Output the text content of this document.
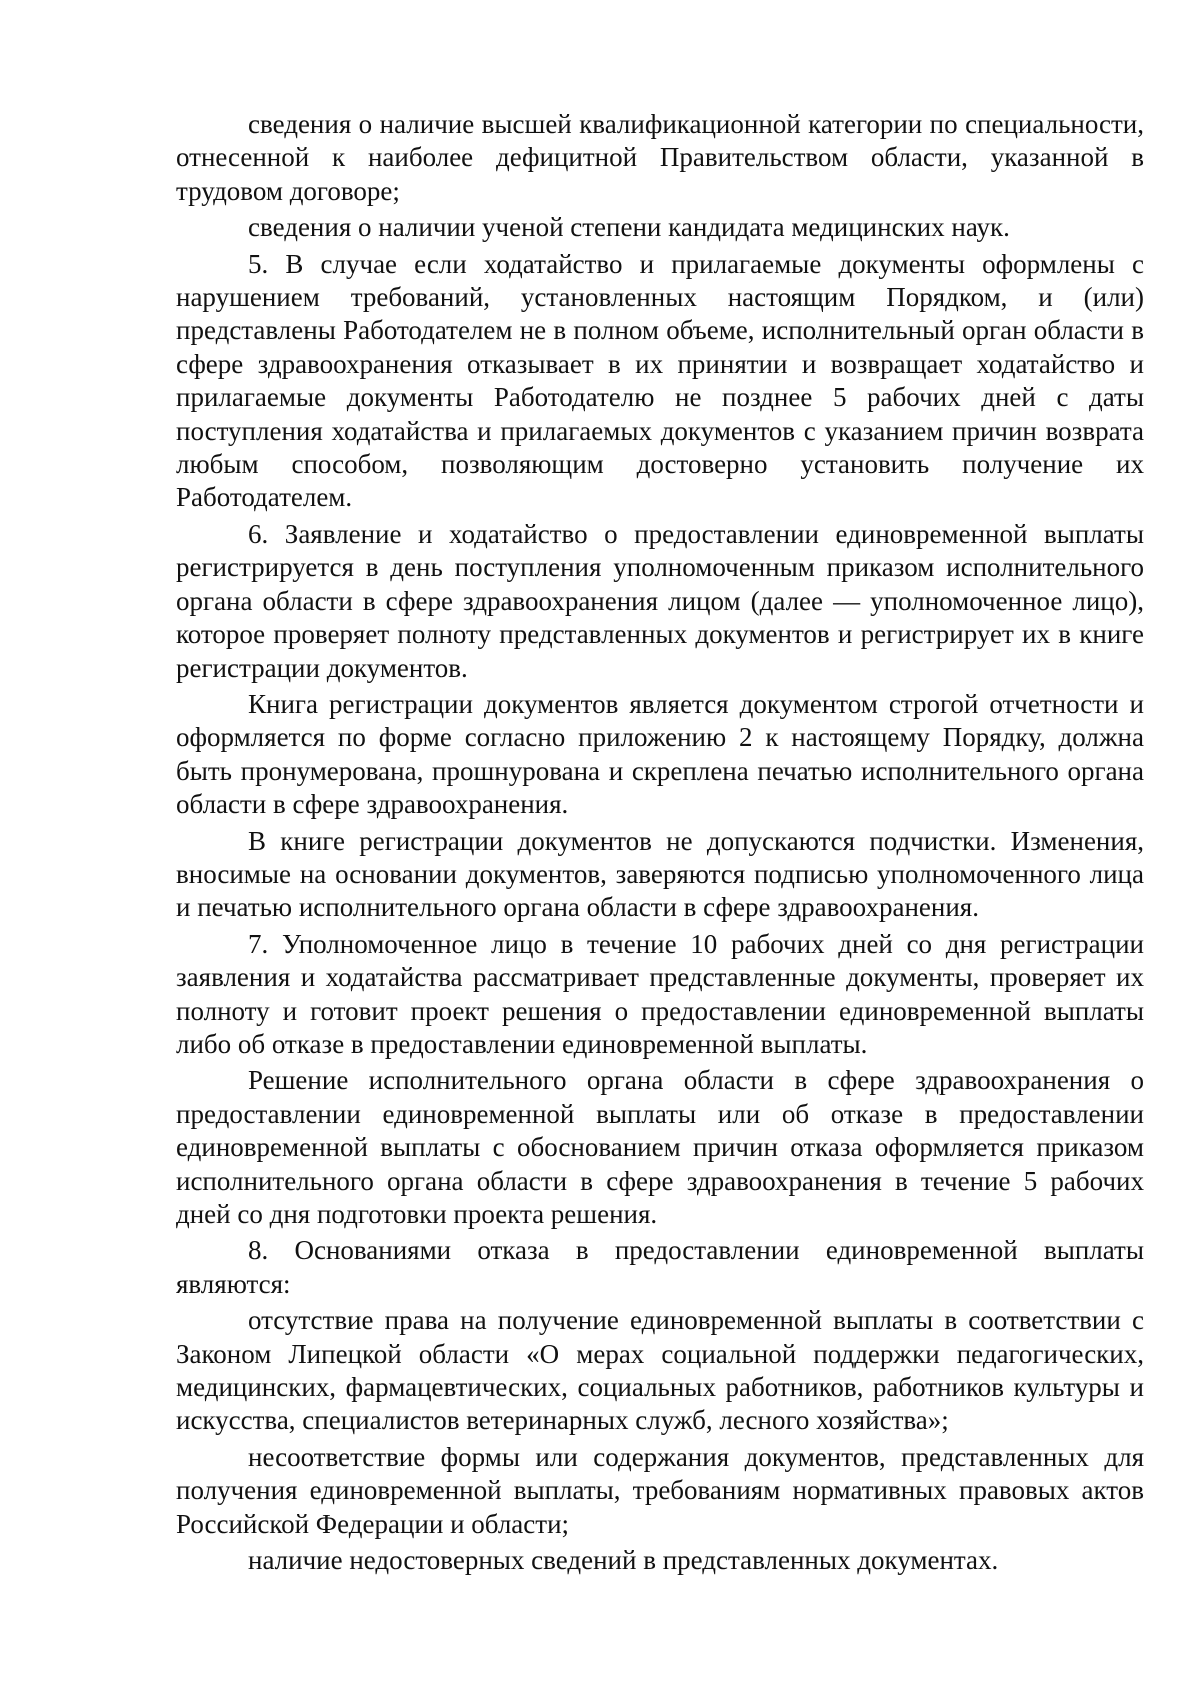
сведения о наличие высшей квалификационной категории по специальности, отнесенной к наиболее дефицитной Правительством области, указанной в трудовом договоре;

сведения о наличии ученой степени кандидата медицинских наук.

5. В случае если ходатайство и прилагаемые документы оформлены с нарушением требований, установленных настоящим Порядком, и (или) представлены Работодателем не в полном объеме, исполнительный орган области в сфере здравоохранения отказывает в их принятии и возвращает ходатайство и прилагаемые документы Работодателю не позднее 5 рабочих дней с даты поступления ходатайства и прилагаемых документов с указанием причин возврата любым способом, позволяющим достоверно установить получение их Работодателем.

6. Заявление и ходатайство о предоставлении единовременной выплаты регистрируется в день поступления уполномоченным приказом исполнительного органа области в сфере здравоохранения лицом (далее — уполномоченное лицо), которое проверяет полноту представленных документов и регистрирует их в книге регистрации документов.

Книга регистрации документов является документом строгой отчетности и оформляется по форме согласно приложению 2 к настоящему Порядку, должна быть пронумерована, прошнурована и скреплена печатью исполнительного органа области в сфере здравоохранения.

В книге регистрации документов не допускаются подчистки. Изменения, вносимые на основании документов, заверяются подписью уполномоченного лица и печатью исполнительного органа области в сфере здравоохранения.

7. Уполномоченное лицо в течение 10 рабочих дней со дня регистрации заявления и ходатайства рассматривает представленные документы, проверяет их полноту и готовит проект решения о предоставлении единовременной выплаты либо об отказе в предоставлении единовременной выплаты.

Решение исполнительного органа области в сфере здравоохранения о предоставлении единовременной выплаты или об отказе в предоставлении единовременной выплаты с обоснованием причин отказа оформляется приказом исполнительного органа области в сфере здравоохранения в течение 5 рабочих дней со дня подготовки проекта решения.

8. Основаниями отказа в предоставлении единовременной выплаты являются:

отсутствие права на получение единовременной выплаты в соответствии с Законом Липецкой области «О мерах социальной поддержки педагогических, медицинских, фармацевтических, социальных работников, работников культуры и искусства, специалистов ветеринарных служб, лесного хозяйства»;

несоответствие формы или содержания документов, представленных для получения единовременной выплаты, требованиям нормативных правовых актов Российской Федерации и области;

наличие недостоверных сведений в представленных документах.
